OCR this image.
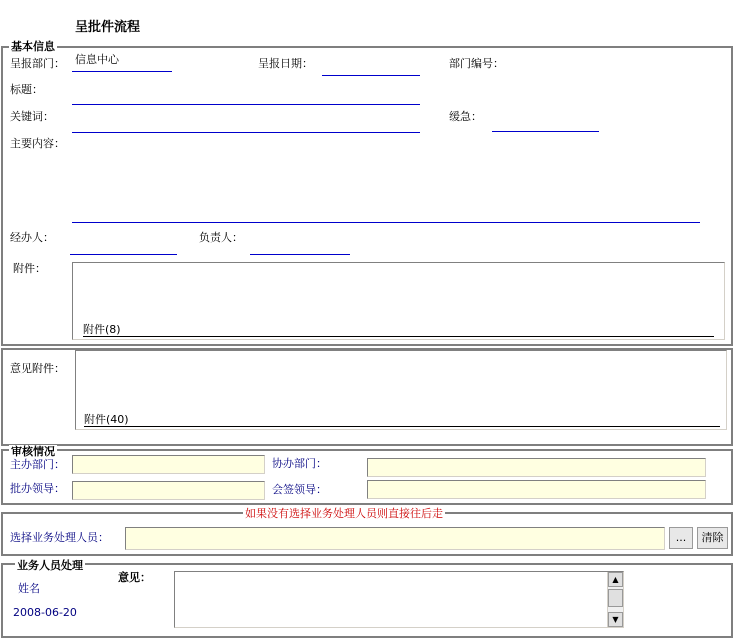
呈批件流程
基本信息
呈报部门： 信息中心	呈报日期：	部门编号：
标题：
关键词：	缓急：
主要内容：
经办人：	负责人：
附件：
附件(8)
意见附件：
附件(40)
审核情况
主办部门：	协办部门：
批办领导：	会签领导：
如果没有选择业务处理人员则直接往后走
选择业务处理人员：	...	清除
业务人员处理
姓名
2008-06-20
意见：	▲
▼
